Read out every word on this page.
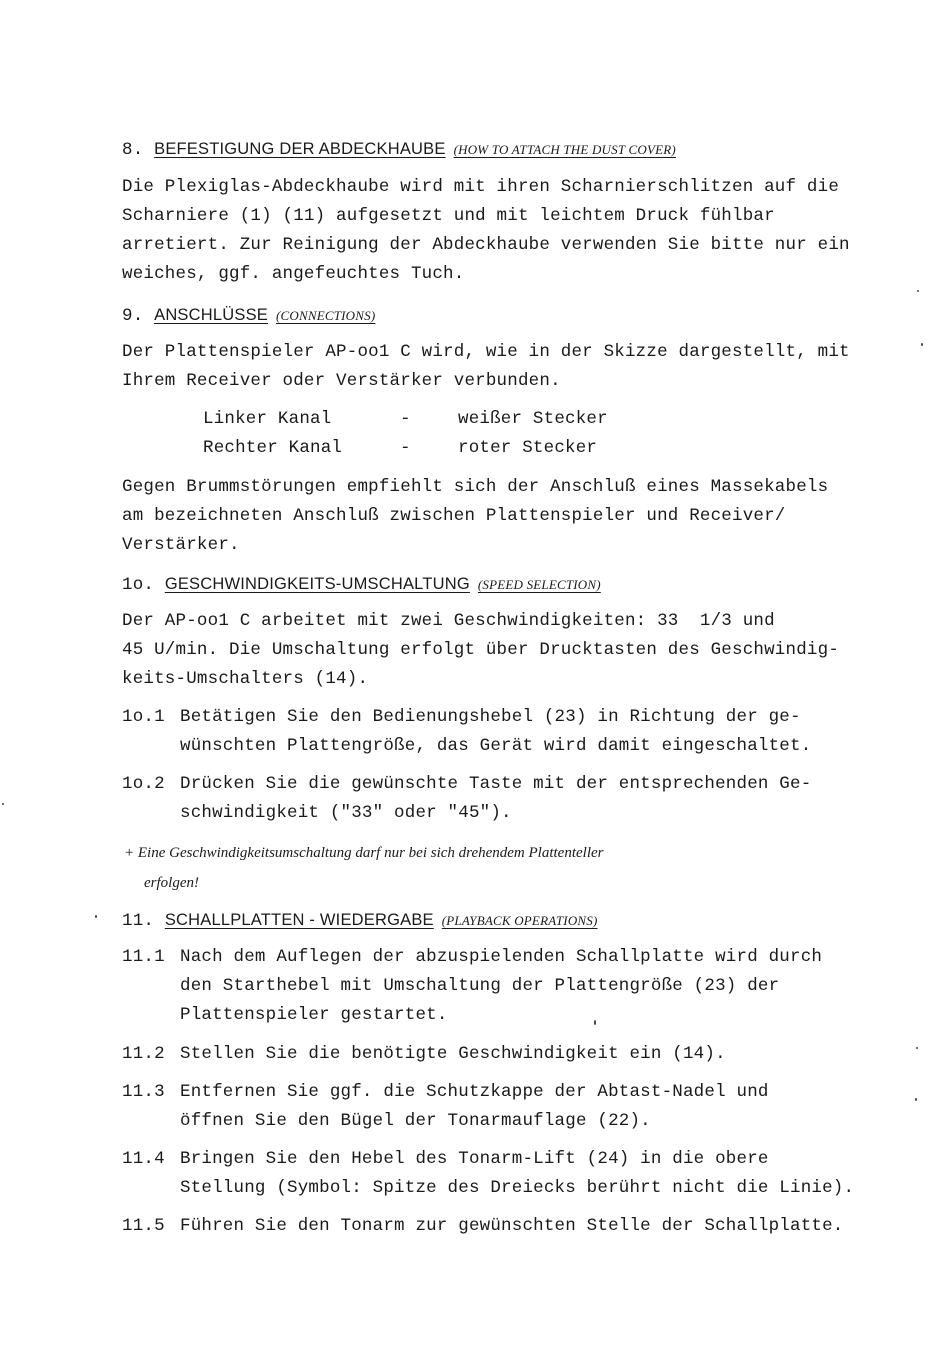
8. BEFESTIGUNG DER ABDECKHAUBE (HOW TO ATTACH THE DUST COVER)
Die Plexiglas-Abdeckhaube wird mit ihren Scharnierschlitzen auf die
Scharniere (1) (11) aufgesetzt und mit leichtem Druck fühlbar
arretiert. Zur Reinigung der Abdeckhaube verwenden Sie bitte nur ein
weiches, ggf. angefeuchtes Tuch.
9. ANSCHLÜSSE (CONNECTIONS)
Der Plattenspieler AP-oo1 C wird, wie in der Skizze dargestellt, mit
Ihrem Receiver oder Verstärker verbunden.
Linker Kanal	-	weißer Stecker
Rechter Kanal	-	roter Stecker
Gegen Brummstörungen empfiehlt sich der Anschluß eines Massekabels
am bezeichneten Anschluß zwischen Plattenspieler und Receiver/
Verstärker.
1o. GESCHWINDIGKEITS-UMSCHALTUNG (SPEED SELECTION)
Der AP-oo1 C arbeitet mit zwei Geschwindigkeiten: 33  1/3 und
45 U/min. Die Umschaltung erfolgt über Drucktasten des Geschwindig-
keits-Umschalters (14).
1o.1 Betätigen Sie den Bedienungshebel (23) in Richtung der ge-
wünschten Plattengröße, das Gerät wird damit eingeschaltet.
1o.2 Drücken Sie die gewünschte Taste mit der entsprechenden Ge-
schwindigkeit ("33" oder "45").
+ Eine Geschwindigkeitsumschaltung darf nur bei sich drehendem Plattenteller
erfolgen!
11. SCHALLPLATTEN - WIEDERGABE (PLAYBACK OPERATIONS)
11.1 Nach dem Auflegen der abzuspielenden Schallplatte wird durch
den Starthebel mit Umschaltung der Plattengröße (23) der
Plattenspieler gestartet.
11.2 Stellen Sie die benötigte Geschwindigkeit ein (14).
11.3 Entfernen Sie ggf. die Schutzkappe der Abtast-Nadel und
öffnen Sie den Bügel der Tonarmauflage (22).
11.4 Bringen Sie den Hebel des Tonarm-Lift (24) in die obere
Stellung (Symbol: Spitze des Dreiecks berührt nicht die Linie).
11.5 Führen Sie den Tonarm zur gewünschten Stelle der Schallplatte.
